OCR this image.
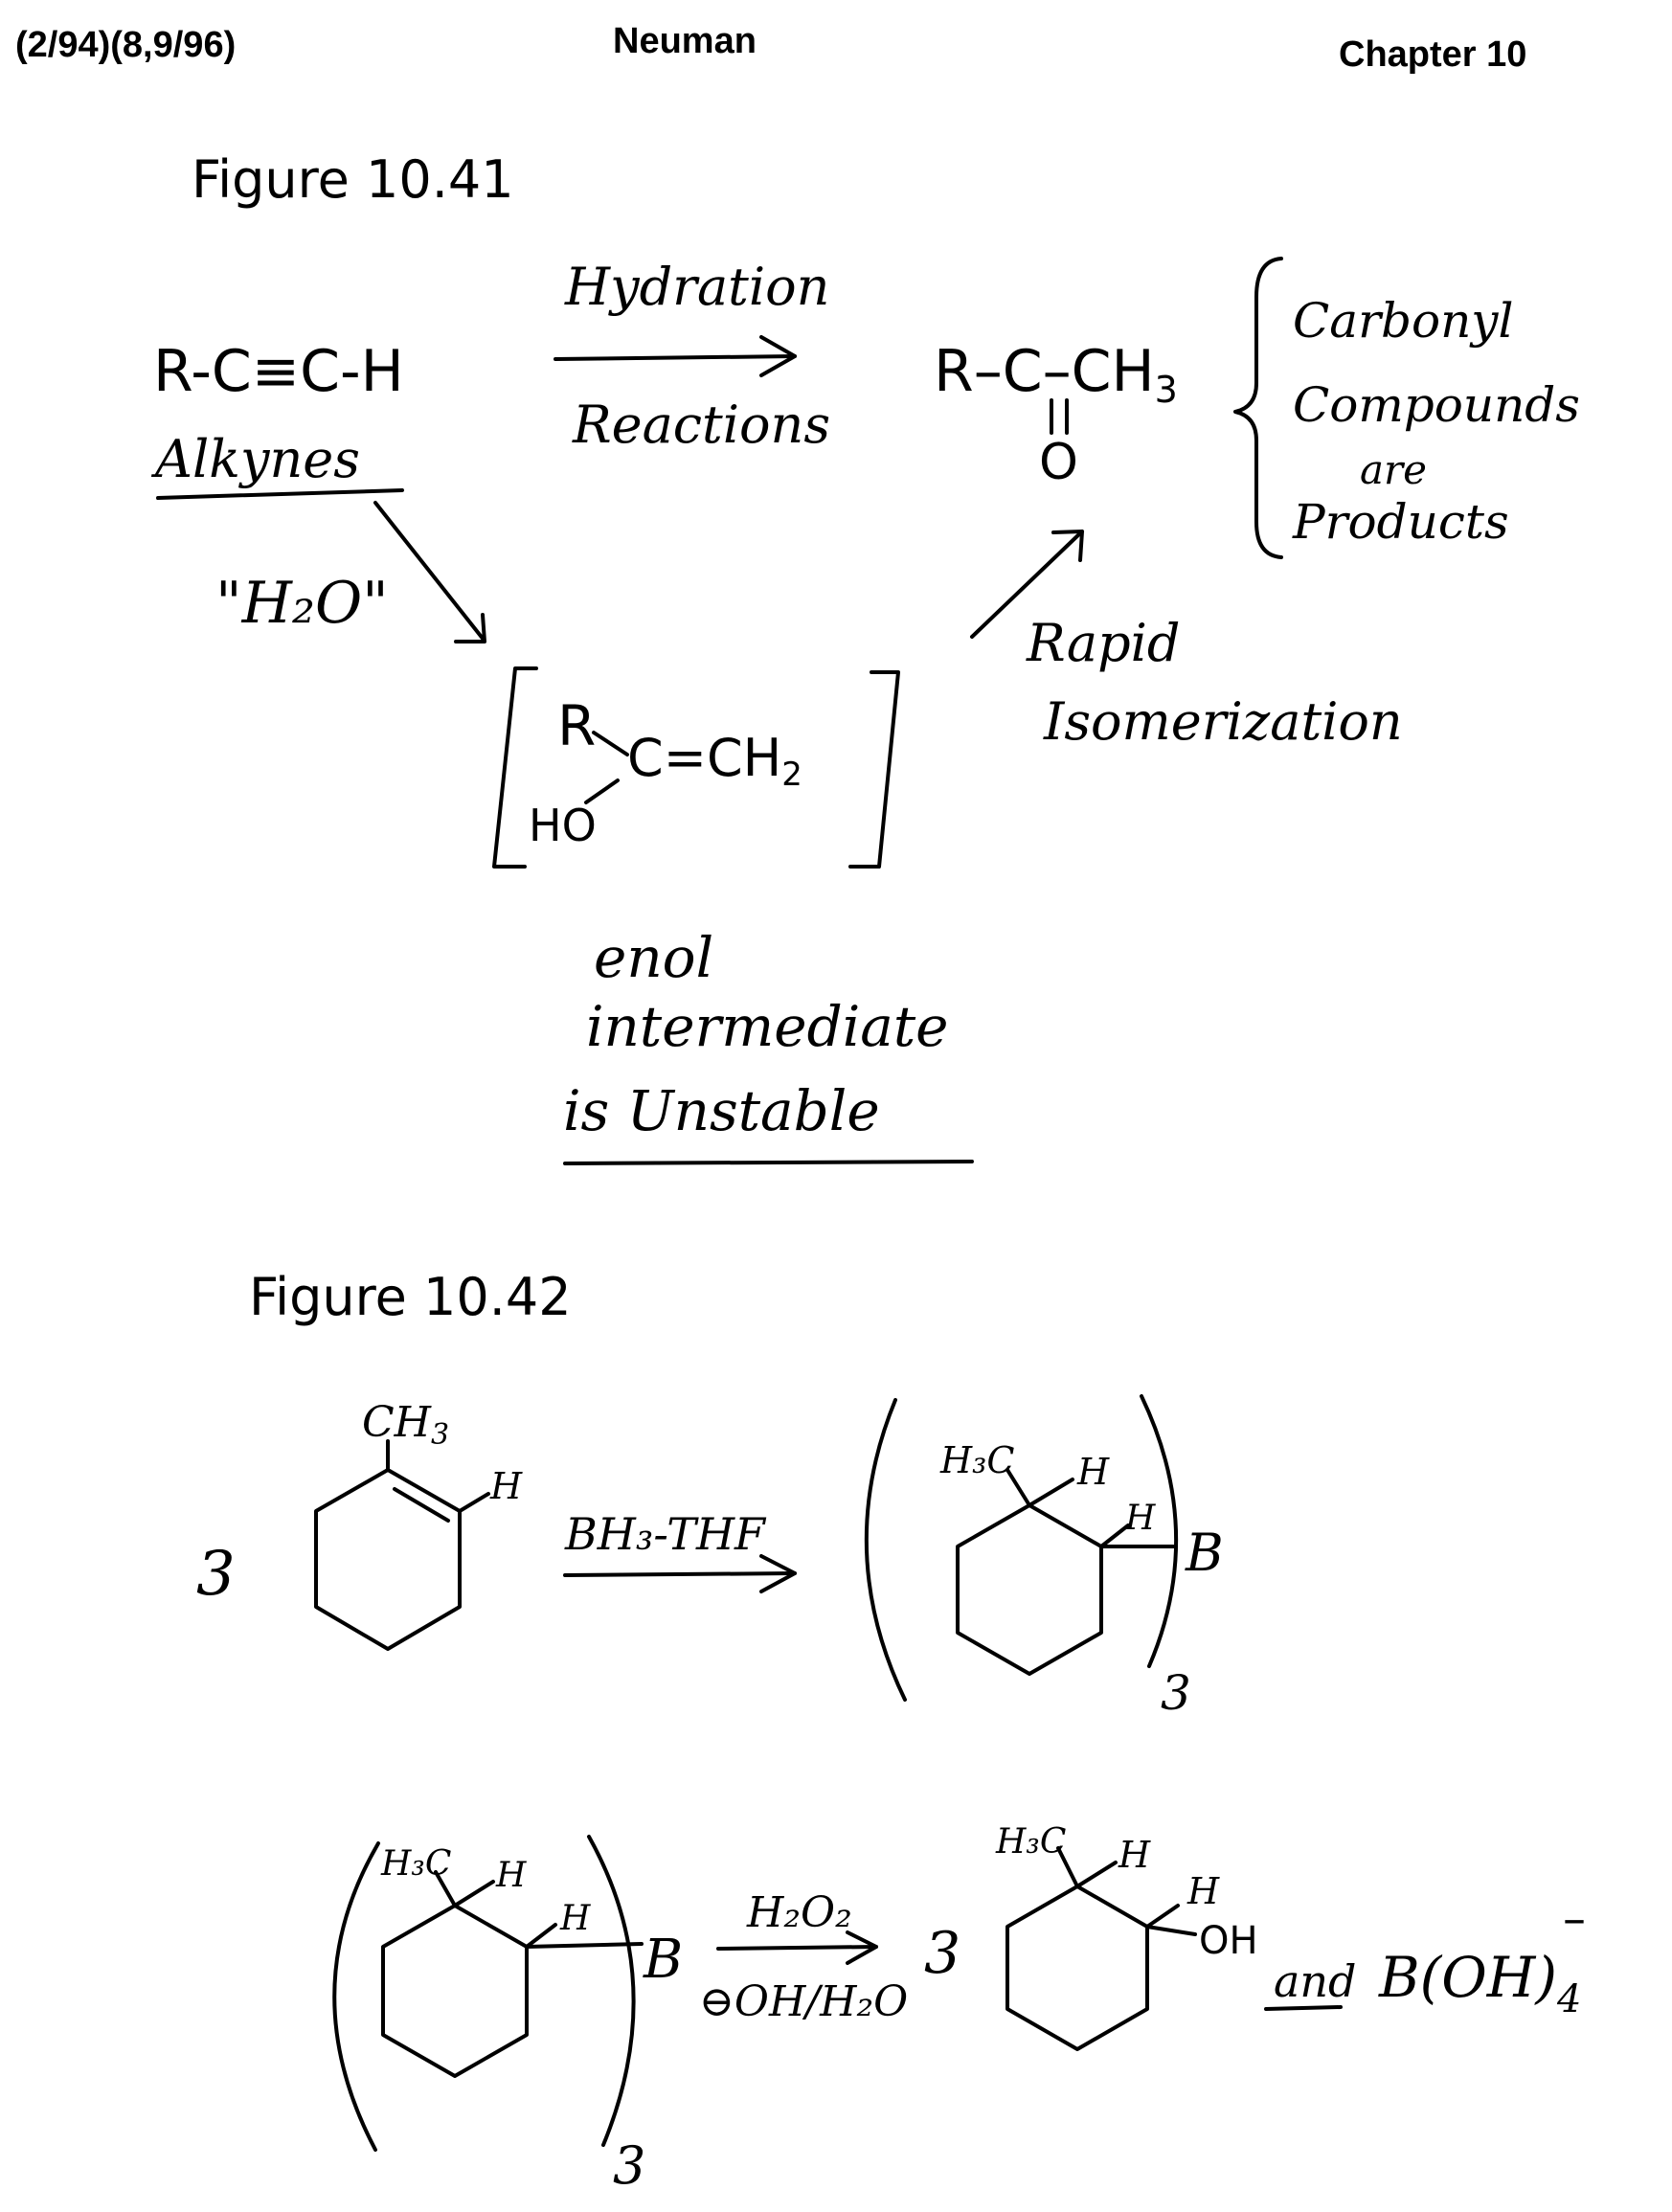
(2/94)(8,9/96)	Neuman	Chapter 10
Figure 10.41
Figure 10.42
R-C≡C-H
Alkynes
Hydration
Reactions
$R-C-CH_3$
O
Carbonyl
Compounds
are
Products
"H₂O"
R C=CH2
HO
Rapid
Isomerization
enol
intermediate
is Unstable
3
CH3
H
BH₃-THF
H₃C H
H
B
3
H₃C H
H
B
3
H₂O₂
⊖OH/H₂O
3
H₃C H
H
OH
and $B(OH)_4$
–
